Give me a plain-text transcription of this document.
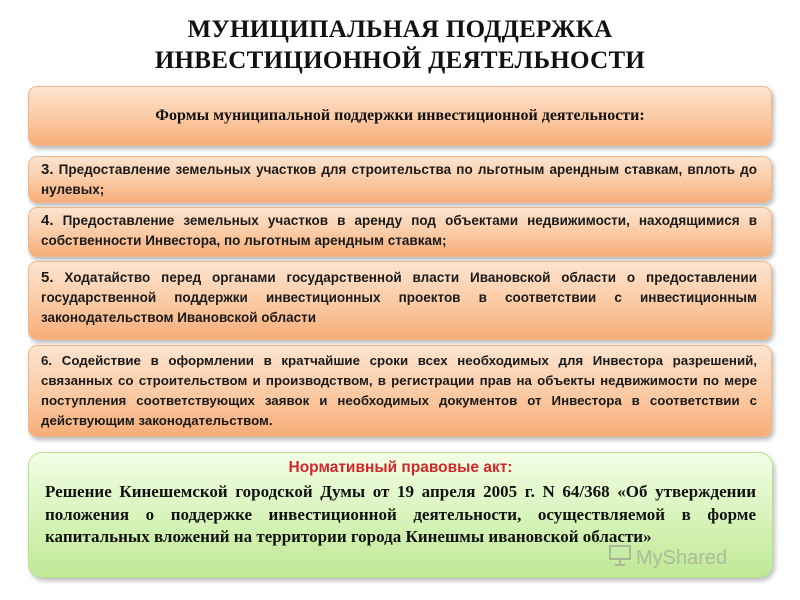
МУНИЦИПАЛЬНАЯ ПОДДЕРЖКА
ИНВЕСТИЦИОННОЙ ДЕЯТЕЛЬНОСТИ
Формы муниципальной поддержки инвестиционной деятельности:
3. Предоставление земельных участков для строительства по льготным арендным ставкам, вплоть до нулевых;
4. Предоставление земельных участков в аренду под объектами недвижимости, находящимися в собственности Инвестора, по льготным арендным ставкам;
5. Ходатайство перед органами государственной власти Ивановской области о предоставлении государственной поддержки инвестиционных проектов в соответствии с инвестиционным законодательством Ивановской области
6. Содействие в оформлении в кратчайшие сроки всех необходимых для Инвестора разрешений, связанных со строительством и производством, в регистрации прав на объекты недвижимости по мере поступления соответствующих заявок и необходимых документов от Инвестора в соответствии с действующим законодательством.
Нормативный правовые акт:
Решение Кинешемской городской Думы от 19 апреля 2005 г. N 64/368 «Об утверждении положения о поддержке инвестиционной деятельности, осуществляемой в форме капитальных вложений на территории города Кинешмы ивановской области»
MyShared
